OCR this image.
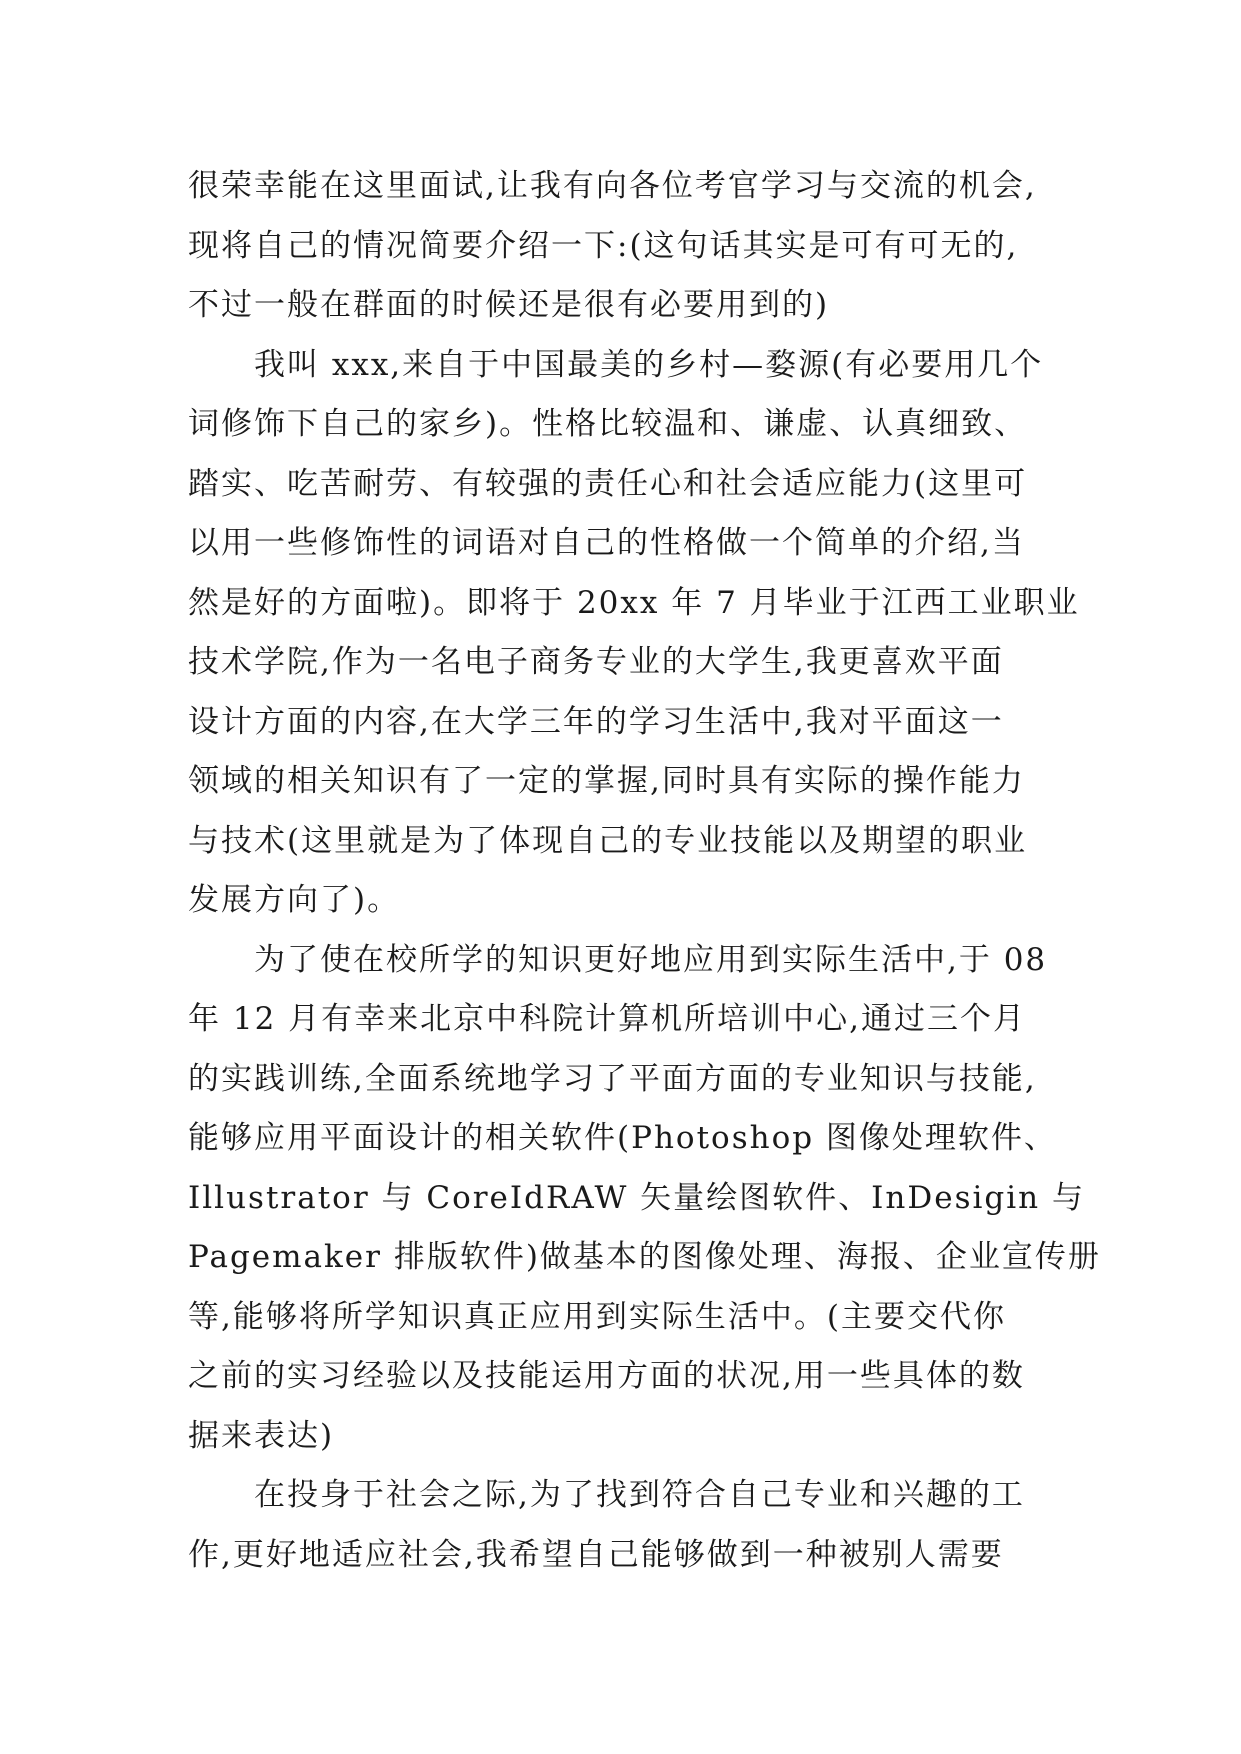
很荣幸能在这里面试,让我有向各位考官学习与交流的机会,
现将自己的情况简要介绍一下:(这句话其实是可有可无的,
不过一般在群面的时候还是很有必要用到的)
我叫 xxx,来自于中国最美的乡村—婺源(有必要用几个
词修饰下自己的家乡)。性格比较温和、谦虚、认真细致、
踏实、吃苦耐劳、有较强的责任心和社会适应能力(这里可
以用一些修饰性的词语对自己的性格做一个简单的介绍,当
然是好的方面啦)。即将于 20xx 年 7 月毕业于江西工业职业
技术学院,作为一名电子商务专业的大学生,我更喜欢平面
设计方面的内容,在大学三年的学习生活中,我对平面这一
领域的相关知识有了一定的掌握,同时具有实际的操作能力
与技术(这里就是为了体现自己的专业技能以及期望的职业
发展方向了)。
为了使在校所学的知识更好地应用到实际生活中,于 08
年 12 月有幸来北京中科院计算机所培训中心,通过三个月
的实践训练,全面系统地学习了平面方面的专业知识与技能,
能够应用平面设计的相关软件(Photoshop 图像处理软件、
Illustrator 与 CoreIdRAW 矢量绘图软件、InDesigin 与
Pagemaker 排版软件)做基本的图像处理、海报、企业宣传册
等,能够将所学知识真正应用到实际生活中。(主要交代你
之前的实习经验以及技能运用方面的状况,用一些具体的数
据来表达)
在投身于社会之际,为了找到符合自己专业和兴趣的工
作,更好地适应社会,我希望自己能够做到一种被别人需要
